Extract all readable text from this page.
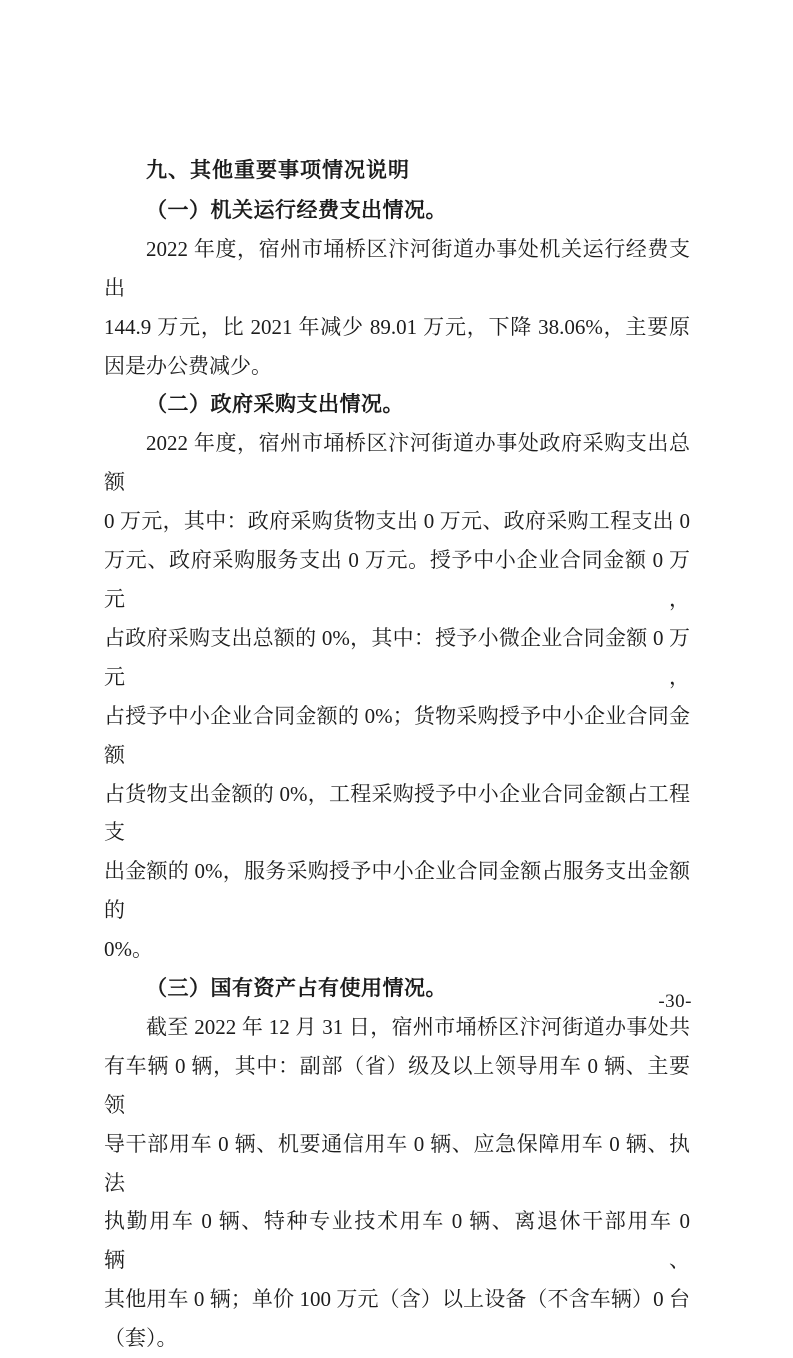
九、其他重要事项情况说明
（一）机关运行经费支出情况。
2022 年度，宿州市埇桥区汴河街道办事处机关运行经费支出
144.9 万元，比 2021 年减少 89.01 万元，下降 38.06%，主要原
因是办公费减少。
（二）政府采购支出情况。
2022 年度，宿州市埇桥区汴河街道办事处政府采购支出总额
0 万元，其中：政府采购货物支出 0 万元、政府采购工程支出 0
万元、政府采购服务支出 0 万元。授予中小企业合同金额 0 万元，
占政府采购支出总额的 0%，其中：授予小微企业合同金额 0 万元，
占授予中小企业合同金额的 0%；货物采购授予中小企业合同金额
占货物支出金额的 0%，工程采购授予中小企业合同金额占工程支
出金额的 0%，服务采购授予中小企业合同金额占服务支出金额的
0%。
（三）国有资产占有使用情况。
截至 2022 年 12 月 31 日，宿州市埇桥区汴河街道办事处共
有车辆 0 辆，其中：副部（省）级及以上领导用车 0 辆、主要领
导干部用车 0 辆、机要通信用车 0 辆、应急保障用车 0 辆、执法
执勤用车 0 辆、特种专业技术用车 0 辆、离退休干部用车 0 辆、
其他用车 0 辆；单价 100 万元（含）以上设备（不含车辆）0 台
（套）。
-30-
